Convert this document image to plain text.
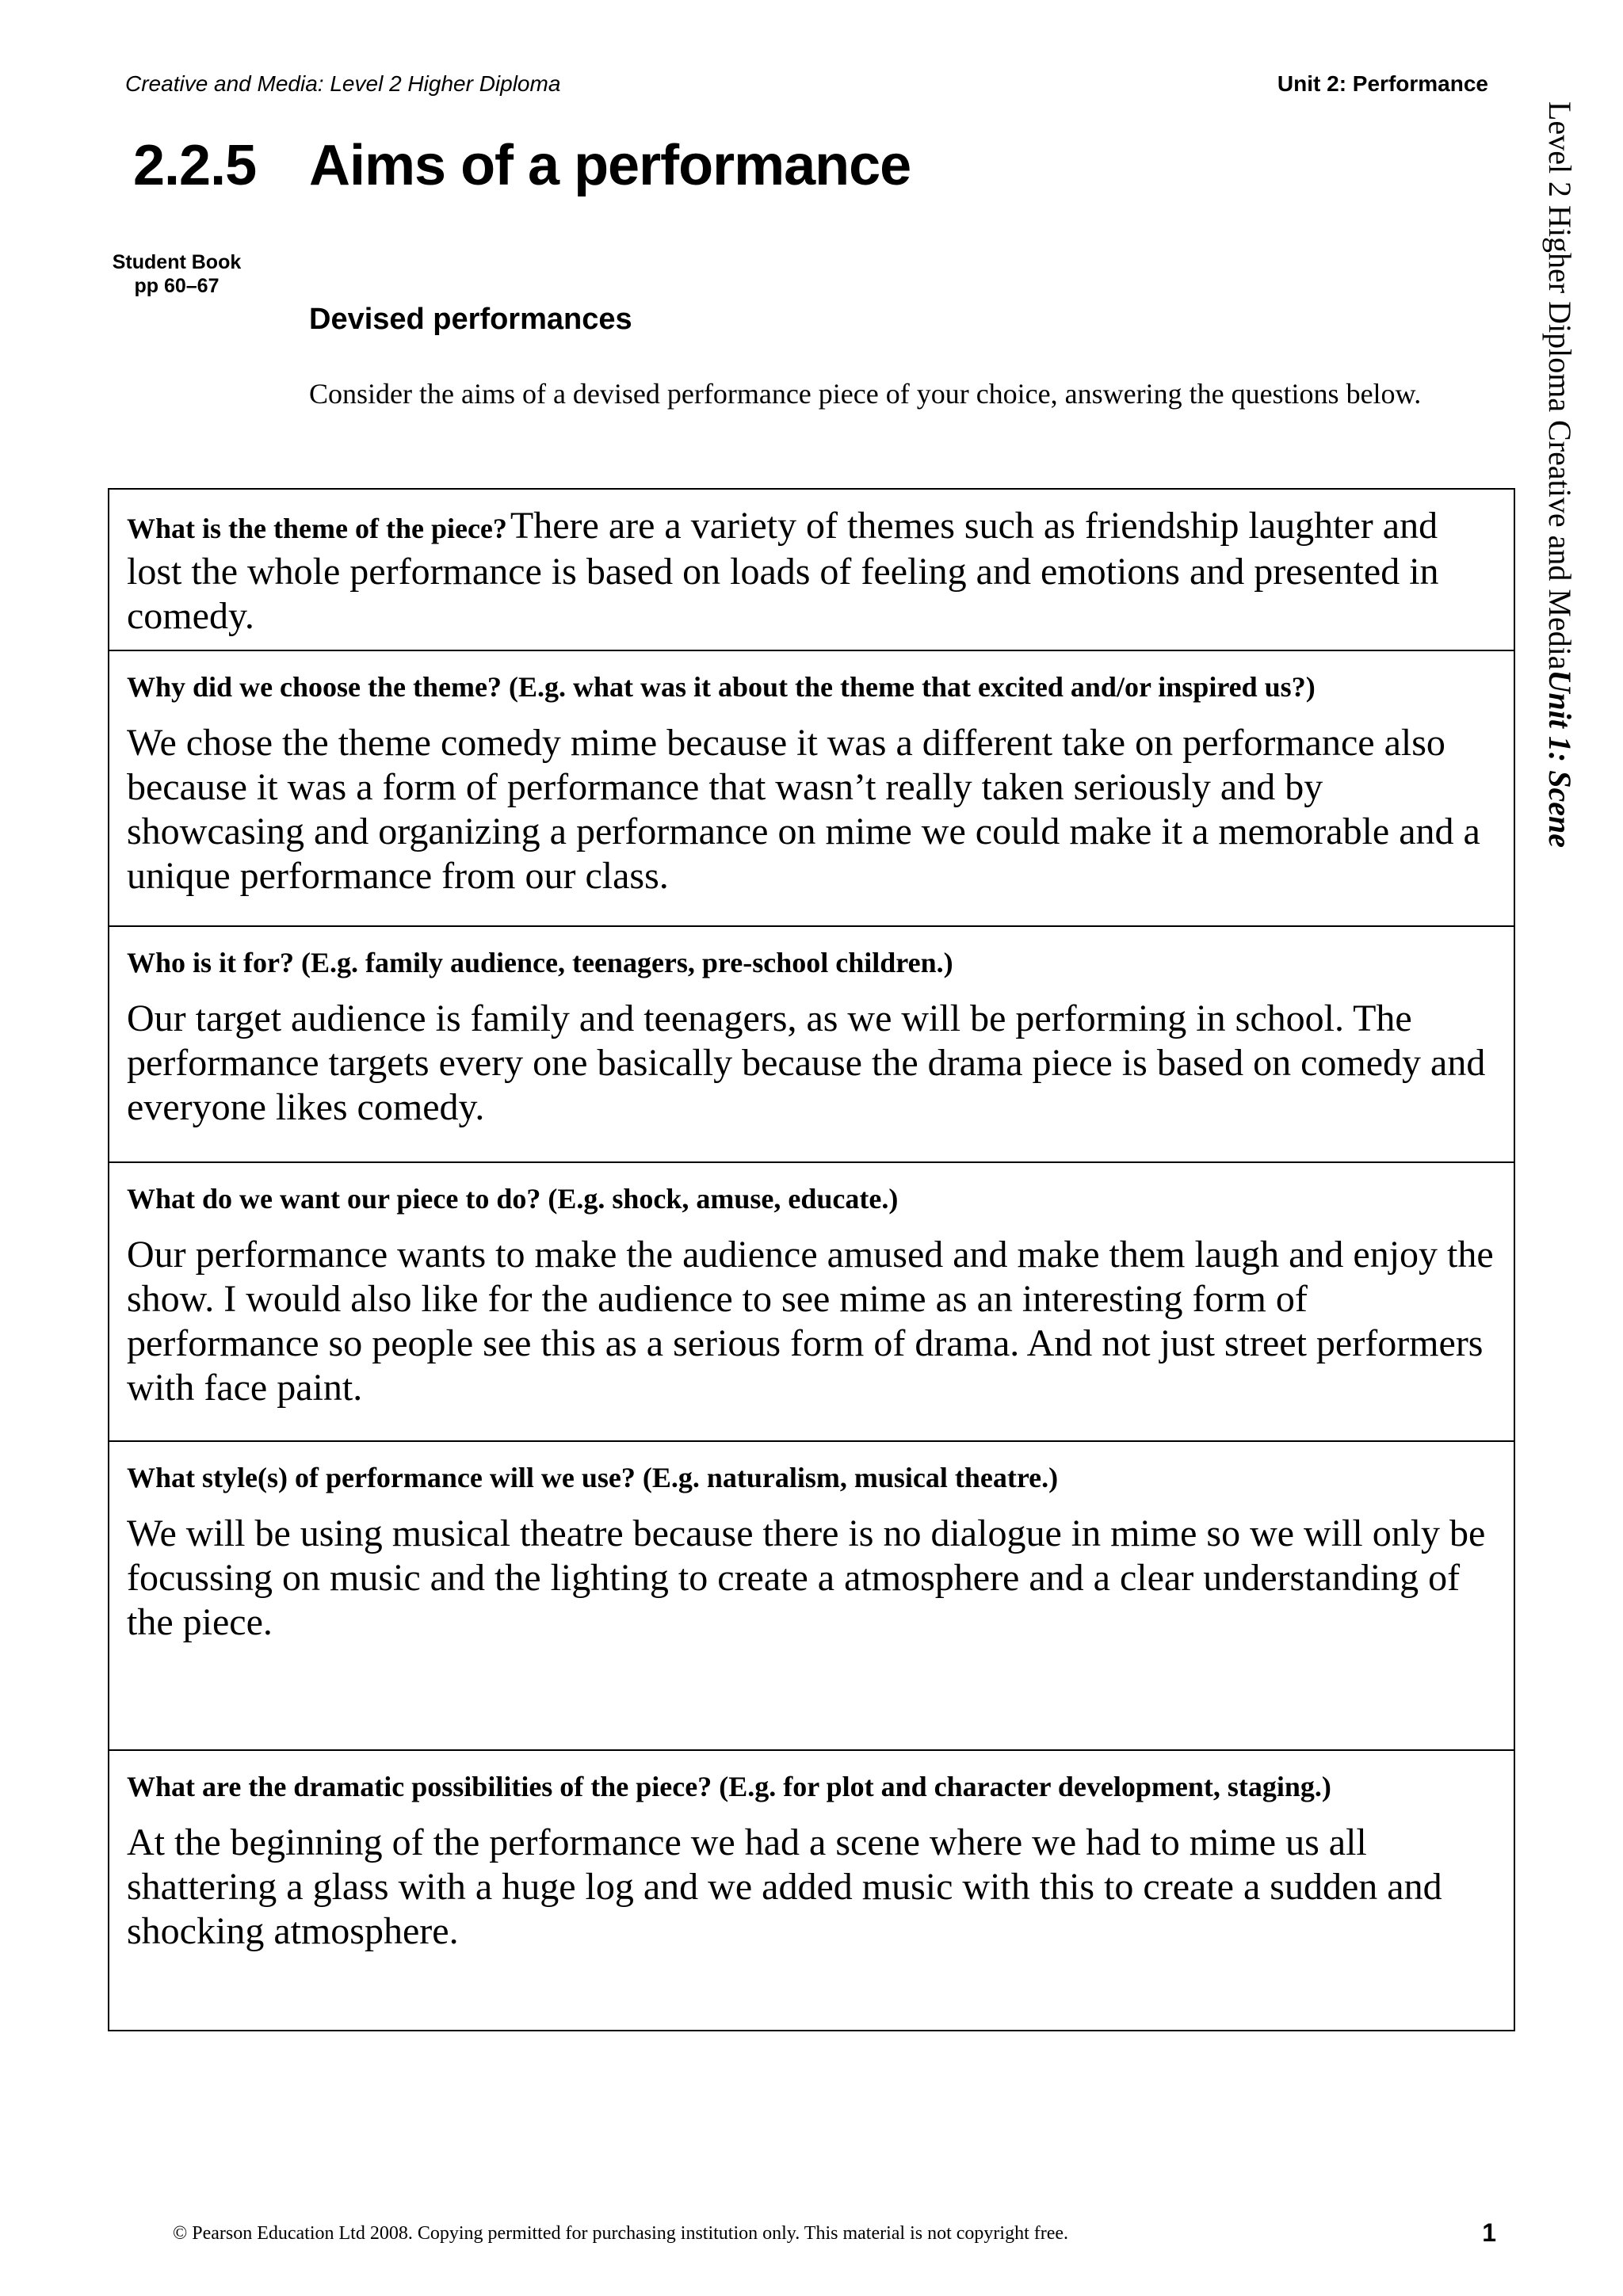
Creative and Media: Level 2 Higher Diploma	Unit 2: Performance
Level 2 Higher Diploma Creative and MediaUnit 1: Scene
2.2.5 Aims of a performance
Student Book
pp 60–67
Devised performances
Consider the aims of a devised performance piece of your choice, answering the questions below.
What is the theme of the piece? There are a variety of themes such as friendship laughter and lost the whole performance is based on loads of feeling and emotions and presented in comedy.
Why did we choose the theme? (E.g. what was it about the theme that excited and/or inspired us?)
We chose the theme comedy mime because it was a different take on performance also because it was a form of performance that wasn’t really taken seriously and by showcasing and organizing a performance on mime we could make it a memorable and a unique performance from our class.
Who is it for? (E.g. family audience, teenagers, pre-school children.)
Our target audience is family and teenagers, as we will be performing in school. The performance targets every one basically because the drama piece is based on comedy and everyone likes comedy.
What do we want our piece to do? (E.g. shock, amuse, educate.)
Our performance wants to make the audience amused and make them laugh and enjoy the show. I would also like for the audience to see mime as an interesting form of performance so people see this as a serious form of drama. And not just street performers with face paint.
What style(s) of performance will we use? (E.g. naturalism, musical theatre.)
We will be using musical theatre because there is no dialogue in mime so we will only be focussing on music and the lighting to create a atmosphere and a clear understanding of the piece.
What are the dramatic possibilities of the piece? (E.g. for plot and character development, staging.)
At the beginning of the performance we had a scene where we had to mime us all shattering a glass with a huge log and we added music with this to create a sudden and shocking atmosphere.
© Pearson Education Ltd 2008. Copying permitted for purchasing institution only. This material is not copyright free.	1
